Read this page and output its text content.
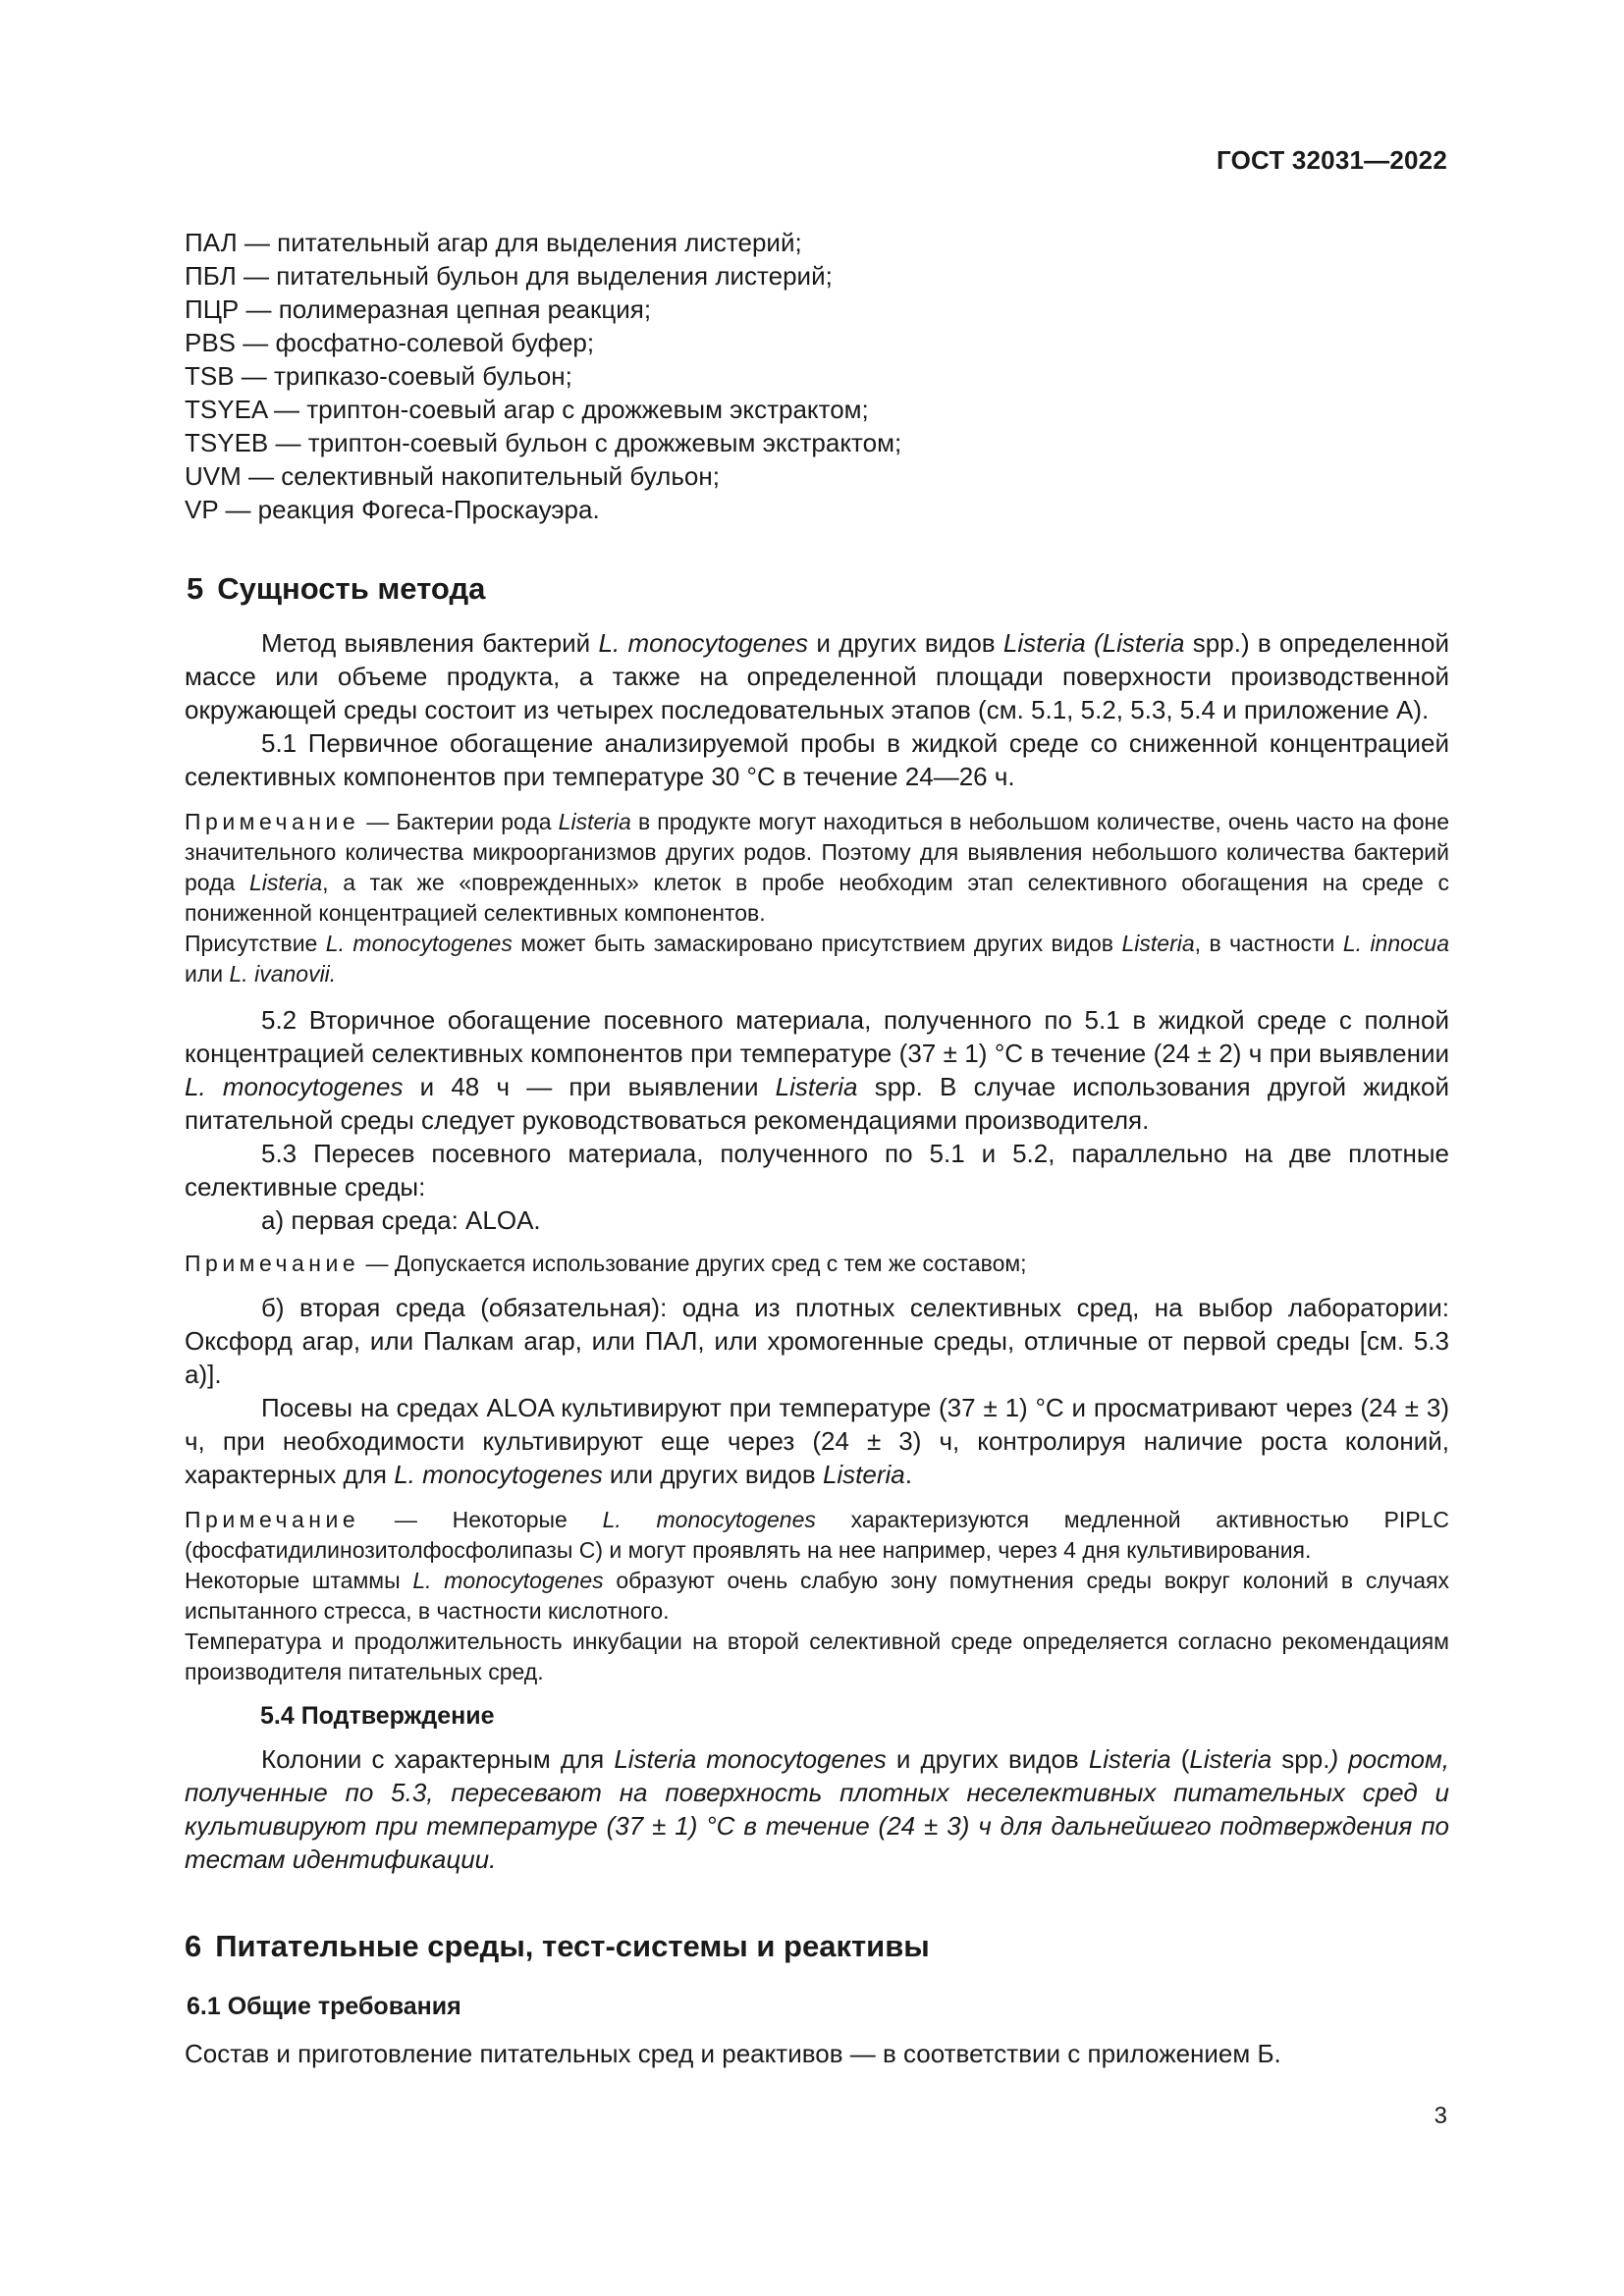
ГОСТ 32031—2022
ПАЛ — питательный агар для выделения листерий;
ПБЛ — питательный бульон для выделения листерий;
ПЦР — полимеразная цепная реакция;
PBS — фосфатно-солевой буфер;
TSB — трипказо-соевый бульон;
TSYEA — триптон-соевый агар с дрожжевым экстрактом;
TSYEB — триптон-соевый бульон с дрожжевым экстрактом;
UVM — селективный накопительный бульон;
VP — реакция Фогеса-Проскауэра.
5 Сущность метода

Метод выявления бактерий L. monocytogenes и других видов Listeria (Listeria spp.) в определенной массе или объеме продукта, а также на определенной площади поверхности производственной окружающей среды состоит из четырех последовательных этапов (см. 5.1, 5.2, 5.3, 5.4 и приложение А).

5.1 Первичное обогащение анализируемой пробы в жидкой среде со сниженной концентрацией селективных компонентов при температуре 30 °С в течение 24—26 ч.

Примечание — Бактерии рода Listeria в продукте могут находиться в небольшом количестве, очень часто на фоне значительного количества микроорганизмов других родов. Поэтому для выявления небольшого количества бактерий рода Listeria, а так же «поврежденных» клеток в пробе необходим этап селективного обогащения на среде с пониженной концентрацией селективных компонентов.

Присутствие L. monocytogenes может быть замаскировано присутствием других видов Listeria, в частности L. innocua или L. ivanovii.

5.2 Вторичное обогащение посевного материала, полученного по 5.1 в жидкой среде с полной концентрацией селективных компонентов при температуре (37 ± 1) °С в течение (24 ± 2) ч при выявлении L. monocytogenes и 48 ч — при выявлении Listeria spp. В случае использования другой жидкой питательной среды следует руководствоваться рекомендациями производителя.

5.3 Пересев посевного материала, полученного по 5.1 и 5.2, параллельно на две плотные селективные среды:

а) первая среда: ALOA.

Примечание — Допускается использование других сред с тем же составом;

б) вторая среда (обязательная): одна из плотных селективных сред, на выбор лаборатории: Оксфорд агар, или Палкам агар, или ПАЛ, или хромогенные среды, отличные от первой среды [см. 5.3 а)].

Посевы на средах ALOA культивируют при температуре (37 ± 1) °С и просматривают через (24 ± 3) ч, при необходимости культивируют еще через (24 ± 3) ч, контролируя наличие роста колоний, характерных для L. monocytogenes или других видов Listeria.

Примечание — Некоторые L. monocytogenes характеризуются медленной активностью PIPLC (фосфатидилинозитолфосфолипазы С) и могут проявлять на нее например, через 4 дня культивирования.

Некоторые штаммы L. monocytogenes образуют очень слабую зону помутнения среды вокруг колоний в случаях испытанного стресса, в частности кислотного.

Температура и продолжительность инкубации на второй селективной среде определяется согласно рекомендациям производителя питательных сред.

5.4 Подтверждение

Колонии с характерным для Listeria monocytogenes и других видов Listeria (Listeria spp.) ростом, полученные по 5.3, пересевают на поверхность плотных неселективных питательных сред и культивируют при температуре (37 ± 1) °С в течение (24 ± 3) ч для дальнейшего подтверждения по тестам идентификации.

6 Питательные среды, тест-системы и реактивы
6.1 Общие требования

Состав и приготовление питательных сред и реактивов — в соответствии с приложением Б.

3
